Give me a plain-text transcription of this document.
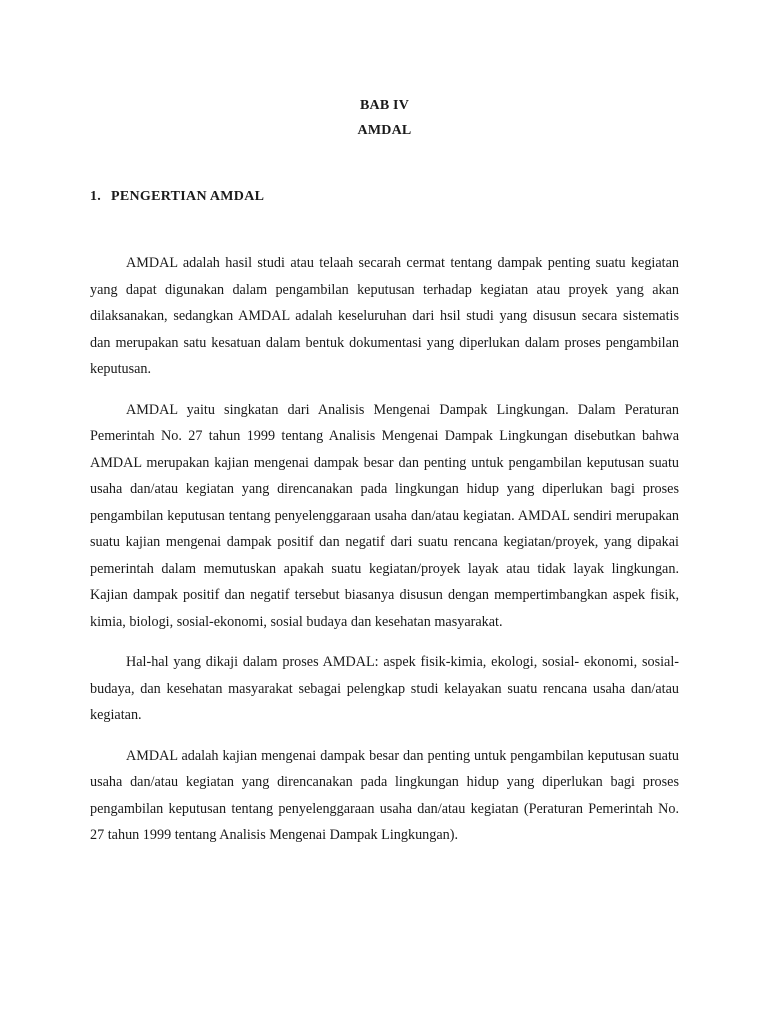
BAB IV

AMDAL

1. PENGERTIAN AMDAL

AMDAL adalah hasil studi atau telaah secarah cermat tentang dampak penting suatu kegiatan yang dapat digunakan dalam pengambilan keputusan terhadap kegiatan atau proyek yang akan dilaksanakan, sedangkan AMDAL adalah keseluruhan dari hsil studi yang disusun secara sistematis dan merupakan satu kesatuan dalam bentuk dokumentasi yang diperlukan dalam proses pengambilan keputusan.

AMDAL yaitu singkatan dari Analisis Mengenai Dampak Lingkungan. Dalam Peraturan Pemerintah No. 27 tahun 1999 tentang Analisis Mengenai Dampak Lingkungan disebutkan bahwa AMDAL merupakan kajian mengenai dampak besar dan penting untuk pengambilan keputusan suatu usaha dan/atau kegiatan yang direncanakan pada lingkungan hidup yang diperlukan bagi proses pengambilan keputusan tentang penyelenggaraan usaha dan/atau kegiatan. AMDAL sendiri merupakan suatu kajian mengenai dampak positif dan negatif dari suatu rencana kegiatan/proyek, yang dipakai pemerintah dalam memutuskan apakah suatu kegiatan/proyek layak atau tidak layak lingkungan. Kajian dampak positif dan negatif tersebut biasanya disusun dengan mempertimbangkan aspek fisik, kimia, biologi, sosial-ekonomi, sosial budaya dan kesehatan masyarakat.

Hal-hal yang dikaji dalam proses AMDAL: aspek fisik-kimia, ekologi, sosial- ekonomi, sosial-budaya, dan kesehatan masyarakat sebagai pelengkap studi kelayakan suatu rencana usaha dan/atau kegiatan.

AMDAL adalah kajian mengenai dampak besar dan penting untuk pengambilan keputusan suatu usaha dan/atau kegiatan yang direncanakan pada lingkungan hidup yang diperlukan bagi proses pengambilan keputusan tentang penyelenggaraan usaha dan/atau kegiatan (Peraturan Pemerintah No. 27 tahun 1999 tentang Analisis Mengenai Dampak Lingkungan).
